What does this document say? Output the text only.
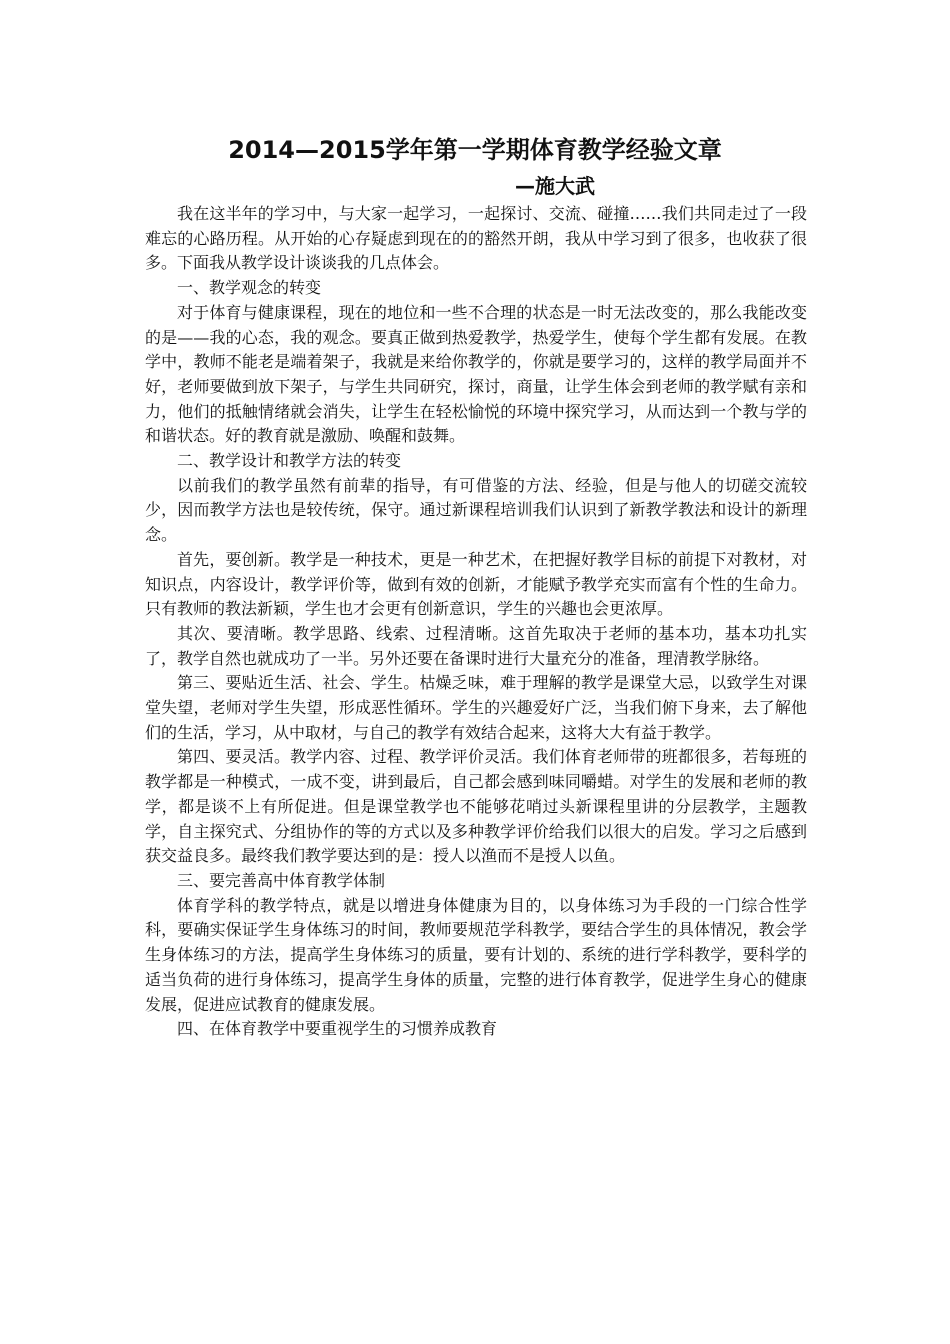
2014—2015学年第一学期体育教学经验文章
—施大武

我在这半年的学习中，与大家一起学习，一起探讨、交流、碰撞……我们共同走过了一段难忘的心路历程。从开始的心存疑虑到现在的的豁然开朗，我从中学习到了很多，也收获了很多。下面我从教学设计谈谈我的几点体会。

一、教学观念的转变

对于体育与健康课程，现在的地位和一些不合理的状态是一时无法改变的，那么我能改变的是——我的心态，我的观念。要真正做到热爱教学，热爱学生，使每个学生都有发展。在教学中，教师不能老是端着架子，我就是来给你教学的，你就是要学习的，这样的教学局面并不好，老师要做到放下架子，与学生共同研究，探讨，商量，让学生体会到老师的教学赋有亲和力，他们的抵触情绪就会消失，让学生在轻松愉悦的环境中探究学习，从而达到一个教与学的和谐状态。好的教育就是激励、唤醒和鼓舞。

二、教学设计和教学方法的转变

以前我们的教学虽然有前辈的指导，有可借鉴的方法、经验，但是与他人的切磋交流较少，因而教学方法也是较传统，保守。通过新课程培训我们认识到了新教学教法和设计的新理念。

首先，要创新。教学是一种技术，更是一种艺术，在把握好教学目标的前提下对教材，对知识点，内容设计，教学评价等，做到有效的创新，才能赋予教学充实而富有个性的生命力。只有教师的教法新颖，学生也才会更有创新意识，学生的兴趣也会更浓厚。

其次、要清晰。教学思路、线索、过程清晰。这首先取决于老师的基本功，基本功扎实了，教学自然也就成功了一半。另外还要在备课时进行大量充分的准备，理清教学脉络。

第三、要贴近生活、社会、学生。枯燥乏味，难于理解的教学是课堂大忌，以致学生对课堂失望，老师对学生失望，形成恶性循环。学生的兴趣爱好广泛，当我们俯下身来，去了解他们的生活，学习，从中取材，与自己的教学有效结合起来，这将大大有益于教学。

第四、要灵活。教学内容、过程、教学评价灵活。我们体育老师带的班都很多，若每班的教学都是一种模式，一成不变，讲到最后，自己都会感到味同嚼蜡。对学生的发展和老师的教学，都是谈不上有所促进。但是课堂教学也不能够花哨过头新课程里讲的分层教学，主题教学，自主探究式、分组协作的等的方式以及多种教学评价给我们以很大的启发。学习之后感到获交益良多。最终我们教学要达到的是：授人以渔而不是授人以鱼。

三、要完善高中体育教学体制

体育学科的教学特点，就是以增进身体健康为目的，以身体练习为手段的一门综合性学科，要确实保证学生身体练习的时间，教师要规范学科教学，要结合学生的具体情况，教会学生身体练习的方法，提高学生身体练习的质量，要有计划的、系统的进行学科教学，要科学的适当负荷的进行身体练习，提高学生身体的质量，完整的进行体育教学，促进学生身心的健康发展，促进应试教育的健康发展。

四、在体育教学中要重视学生的习惯养成教育
